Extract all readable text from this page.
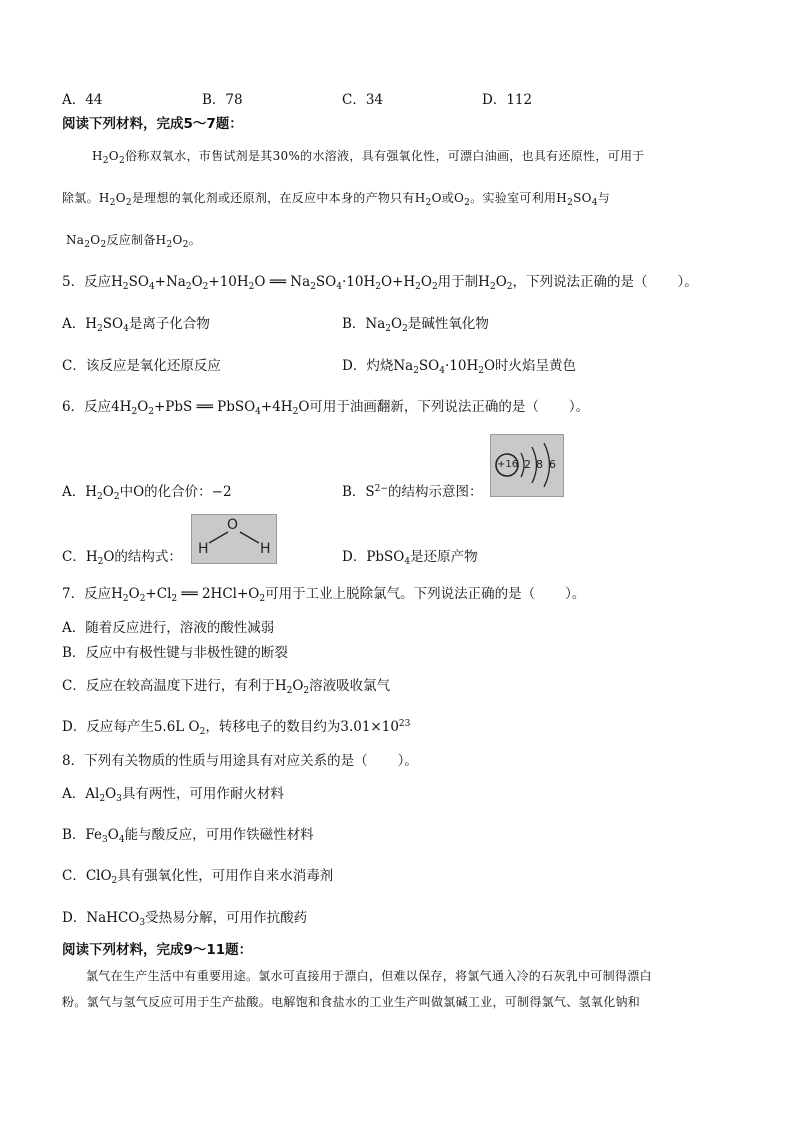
A．44	B．78	C．34	D．112
阅读下列材料，完成5～7题：
$H_2O_2$俗称双氧水，市售试剂是其30%的水溶液，具有强氧化性，可漂白油画，也具有还原性，可用于
除氯。$H_2O_2$是理想的氧化剂或还原剂，在反应中本身的产物只有$H_2O$或$O_2$。实验室可利用$H_2SO_4$与
$Na_2O_2$反应制备$H_2O_2$。
5．反应$H_2SO_4+Na_2O_2+10H_2O$ ══ $Na_2SO_4\cdot 10H_2O+H_2O_2$用于制$H_2O_2$，下列说法正确的是（ ）。
A．$H_2SO_4$是离子化合物	B．$Na_2O_2$是碱性氧化物
C．该反应是氧化还原反应	D．灼烧$Na_2SO_4\cdot 10H_2O$时火焰呈黄色
6．反应$4H_2O_2+PbS$ ══ $PbSO_4+4H_2O$可用于油画翻新，下列说法正确的是（ ）。
A．$H_2O_2$中O的化合价：−2	B．$S^{2-}$的结构示意图：
+16 2 8 6
C．$H_2O$的结构式：
O
H	H	D．PbSO$_4$是还原产物
7．反应$H_2O_2+Cl_2$ ══ $2HCl+O_2$可用于工业上脱除氯气。下列说法正确的是（ ）。
A．随着反应进行，溶液的酸性减弱
B．反应中有极性键与非极性键的断裂
C．反应在较高温度下进行，有利于$H_2O_2$溶液吸收氯气
D．反应每产生5.6L $O_2$，转移电子的数目约为$3.01\times 10^{23}$
8．下列有关物质的性质与用途具有对应关系的是（ ）。
A．$Al_2O_3$具有两性，可用作耐火材料
B．$Fe_3O_4$能与酸反应，可用作铁磁性材料
C．ClO$_2$具有强氧化性，可用作自来水消毒剂
D．NaHCO$_3$受热易分解，可用作抗酸药
阅读下列材料，完成9～11题：
氯气在生产生活中有重要用途。氯水可直接用于漂白，但难以保存，将氯气通入冷的石灰乳中可制得漂白
粉。氯气与氢气反应可用于生产盐酸。电解饱和食盐水的工业生产叫做氯碱工业，可制得氯气、氢氧化钠和
